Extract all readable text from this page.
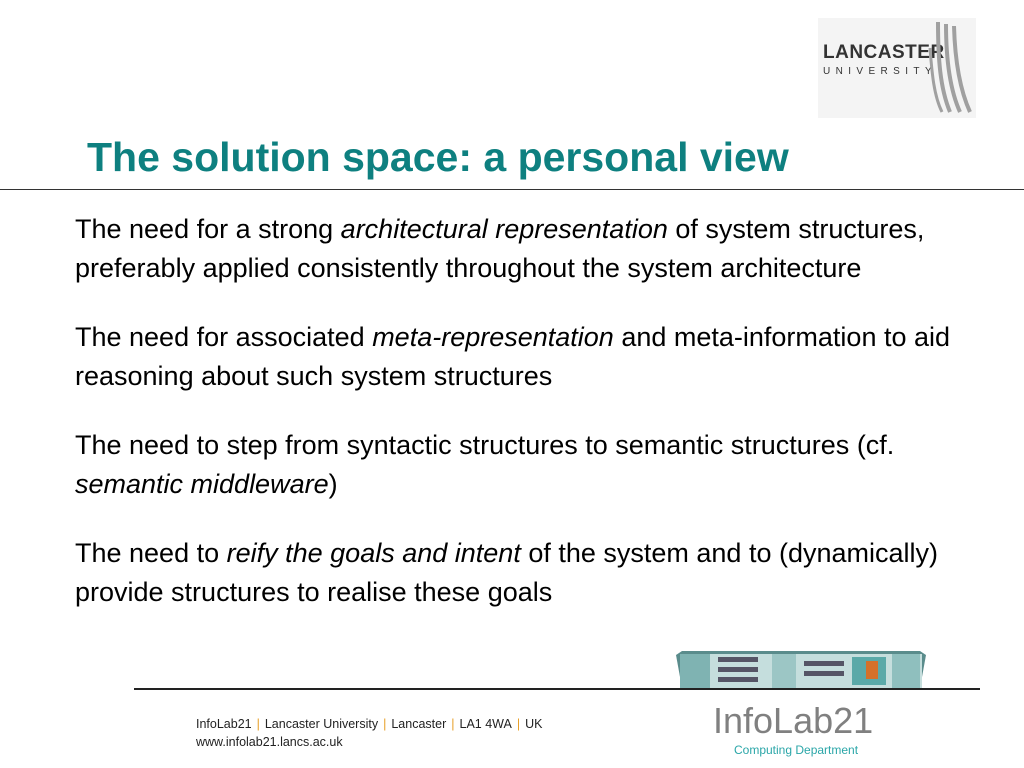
LANCASTER
UNIVERSITY
The solution space: a personal view

The need for a strong architectural representation of system structures, preferably applied consistently throughout the system architecture

The need for associated meta-representation and meta-information to aid reasoning about such system structures

The need to step from syntactic structures to semantic structures (cf. semantic middleware)

The need to reify the goals and intent of the system and to (dynamically) provide structures to realise these goals

InfoLab21 | Lancaster University | Lancaster | LA1 4WA | UK
www.infolab21.lancs.ac.uk
InfoLab21
Computing Department
